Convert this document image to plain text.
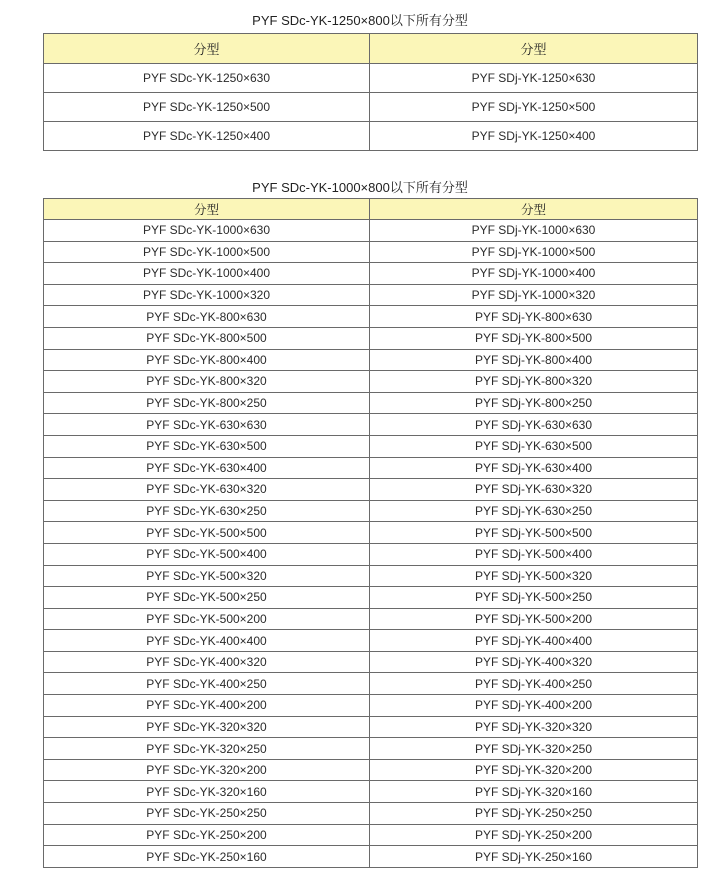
PYF SDc-YK-1250×800以下所有分型
分型	分型
PYF SDc-YK-1250×630	PYF SDj-YK-1250×630
PYF SDc-YK-1250×500	PYF SDj-YK-1250×500
PYF SDc-YK-1250×400	PYF SDj-YK-1250×400
PYF SDc-YK-1000×800以下所有分型
分型	分型
PYF SDc-YK-1000×630	PYF SDj-YK-1000×630
PYF SDc-YK-1000×500	PYF SDj-YK-1000×500
PYF SDc-YK-1000×400	PYF SDj-YK-1000×400
PYF SDc-YK-1000×320	PYF SDj-YK-1000×320
PYF SDc-YK-800×630	PYF SDj-YK-800×630
PYF SDc-YK-800×500	PYF SDj-YK-800×500
PYF SDc-YK-800×400	PYF SDj-YK-800×400
PYF SDc-YK-800×320	PYF SDj-YK-800×320
PYF SDc-YK-800×250	PYF SDj-YK-800×250
PYF SDc-YK-630×630	PYF SDj-YK-630×630
PYF SDc-YK-630×500	PYF SDj-YK-630×500
PYF SDc-YK-630×400	PYF SDj-YK-630×400
PYF SDc-YK-630×320	PYF SDj-YK-630×320
PYF SDc-YK-630×250	PYF SDj-YK-630×250
PYF SDc-YK-500×500	PYF SDj-YK-500×500
PYF SDc-YK-500×400	PYF SDj-YK-500×400
PYF SDc-YK-500×320	PYF SDj-YK-500×320
PYF SDc-YK-500×250	PYF SDj-YK-500×250
PYF SDc-YK-500×200	PYF SDj-YK-500×200
PYF SDc-YK-400×400	PYF SDj-YK-400×400
PYF SDc-YK-400×320	PYF SDj-YK-400×320
PYF SDc-YK-400×250	PYF SDj-YK-400×250
PYF SDc-YK-400×200	PYF SDj-YK-400×200
PYF SDc-YK-320×320	PYF SDj-YK-320×320
PYF SDc-YK-320×250	PYF SDj-YK-320×250
PYF SDc-YK-320×200	PYF SDj-YK-320×200
PYF SDc-YK-320×160	PYF SDj-YK-320×160
PYF SDc-YK-250×250	PYF SDj-YK-250×250
PYF SDc-YK-250×200	PYF SDj-YK-250×200
PYF SDc-YK-250×160	PYF SDj-YK-250×160
